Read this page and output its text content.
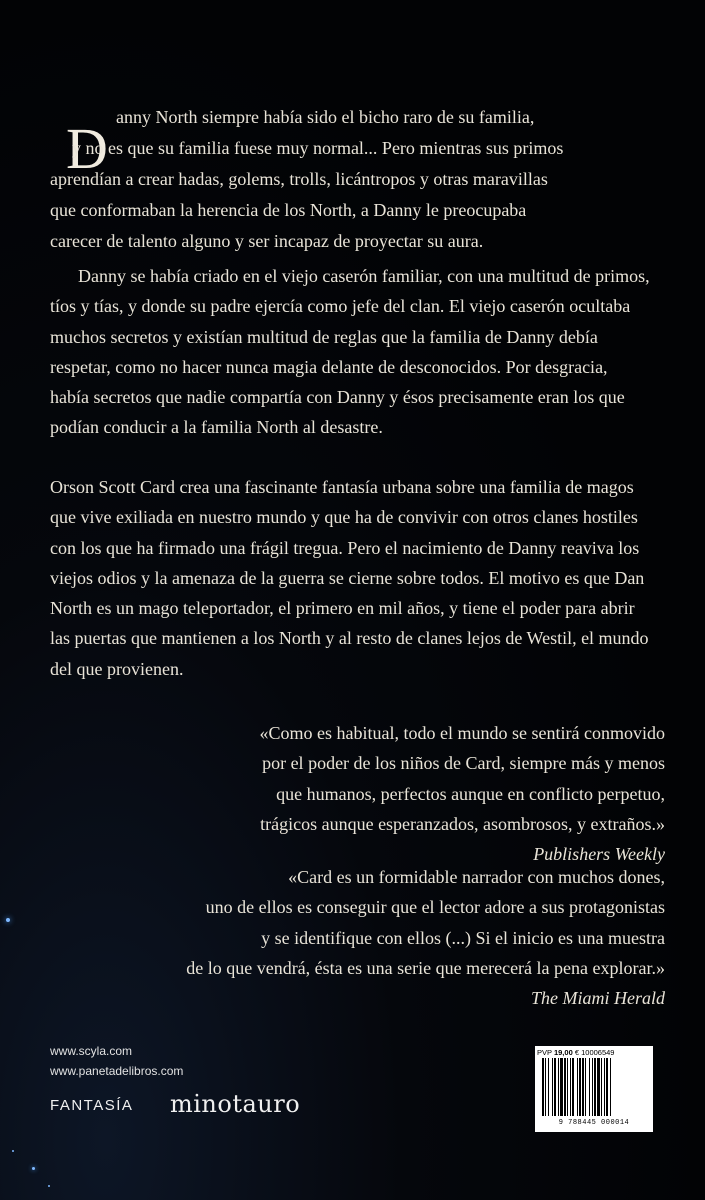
D anny North siempre había sido el bicho raro de su familia,
y no es que su familia fuese muy normal... Pero mientras sus primos
aprendían a crear hadas, golems, trolls, licántropos y otras maravillas
que conformaban la herencia de los North, a Danny le preocupaba
carecer de talento alguno y ser incapaz de proyectar su aura.

Danny se había criado en el viejo caserón familiar, con una multitud de primos, tíos y tías, y donde su padre ejercía como jefe del clan. El viejo caserón ocultaba muchos secretos y existían multitud de reglas que la familia de Danny debía respetar, como no hacer nunca magia delante de desconocidos. Por desgracia, había secretos que nadie compartía con Danny y ésos precisamente eran los que podían conducir a la familia North al desastre.

Orson Scott Card crea una fascinante fantasía urbana sobre una familia de magos que vive exiliada en nuestro mundo y que ha de convivir con otros clanes hostiles con los que ha firmado una frágil tregua. Pero el nacimiento de Danny reaviva los viejos odios y la amenaza de la guerra se cierne sobre todos. El motivo es que Dan North es un mago teleportador, el primero en mil años, y tiene el poder para abrir las puertas que mantienen a los North y al resto de clanes lejos de Westil, el mundo del que provienen.

«Como es habitual, todo el mundo se sentirá conmovido
por el poder de los niños de Card, siempre más y menos
que humanos, perfectos aunque en conflicto perpetuo,
trágicos aunque esperanzados, asombrosos, y extraños.»
Publishers Weekly
«Card es un formidable narrador con muchos dones,
uno de ellos es conseguir que el lector adore a sus protagonistas
y se identifique con ellos (...) Si el inicio es una muestra
de lo que vendrá, ésta es una serie que merecerá la pena explorar.»
The Miami Herald
www.scyla.com
www.panetadelibros.com
FANTASÍA minotauro
PVP 19,00 € 10006549
9 788445 000014
